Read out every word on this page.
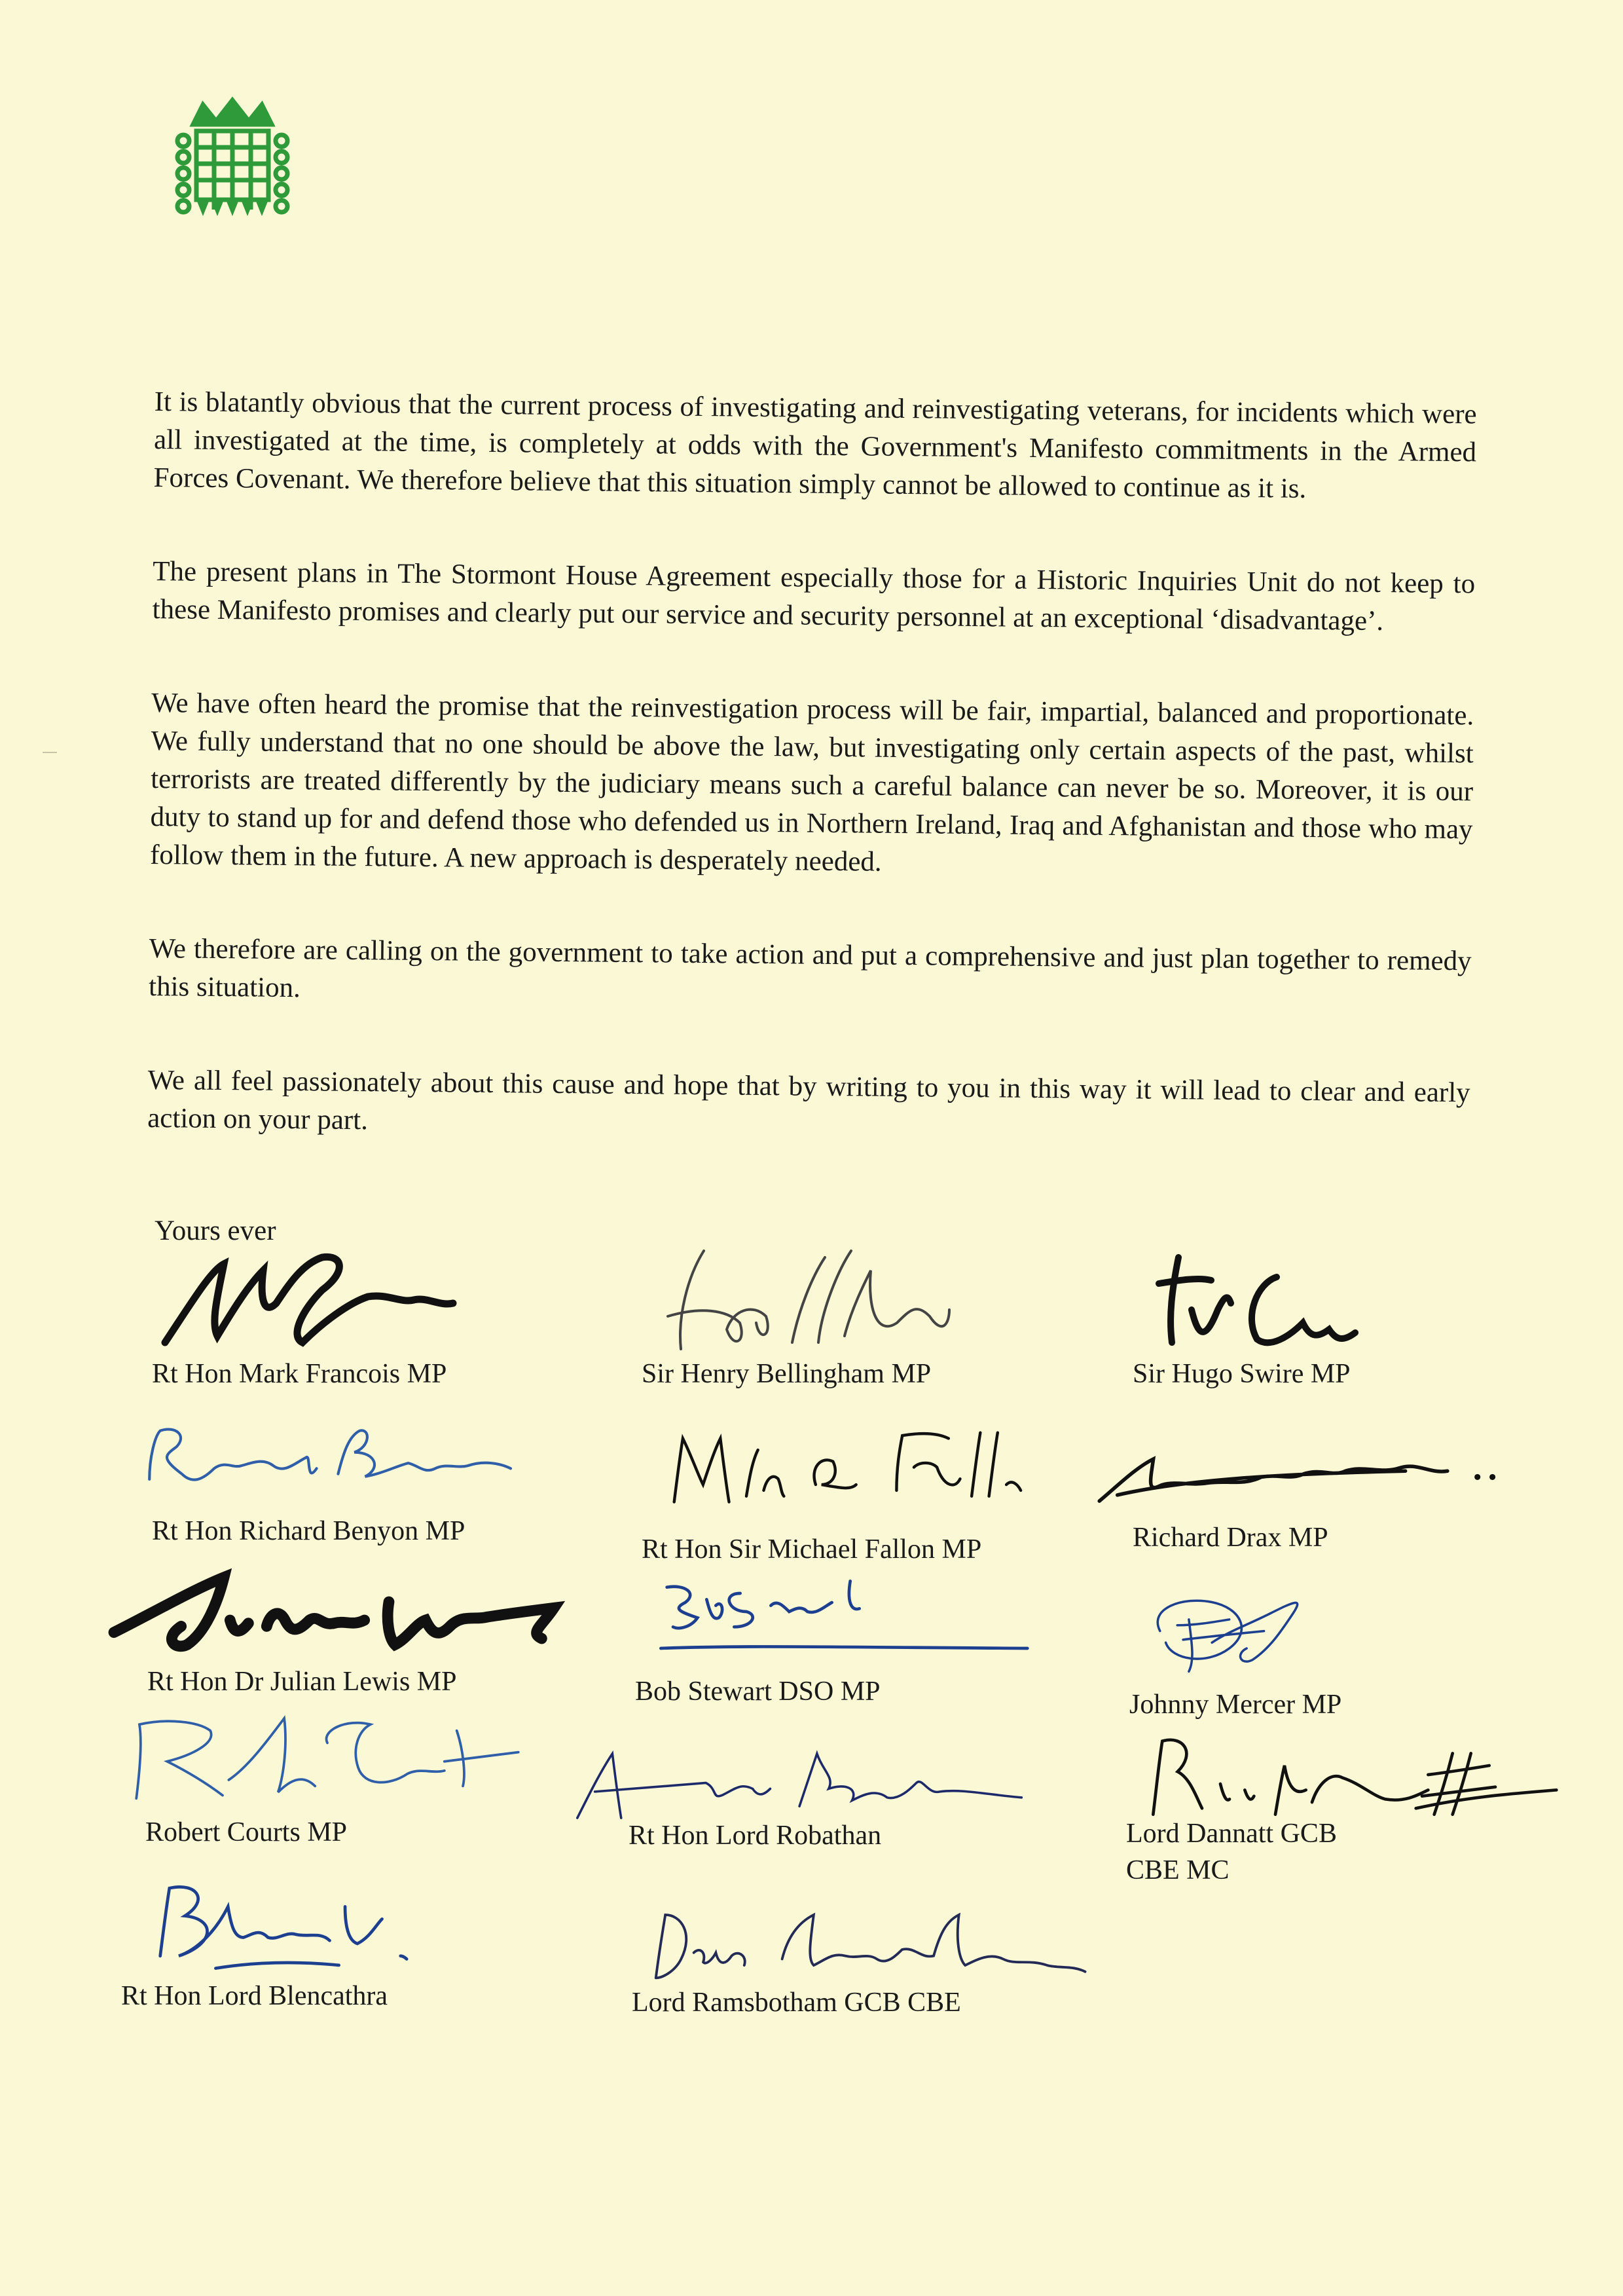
It is blatantly obvious that the current process of investigating and reinvestigating veterans, for incidents which were all investigated at the time, is completely at odds with the Government's Manifesto commitments in the Armed Forces Covenant. We therefore believe that this situation simply cannot be allowed to continue as it is.

The present plans in The Stormont House Agreement especially those for a Historic Inquiries Unit do not keep to these Manifesto promises and clearly put our service and security personnel at an exceptional ‘disadvantage’.

We have often heard the promise that the reinvestigation process will be fair, impartial, balanced and proportionate. We fully understand that no one should be above the law, but investigating only certain aspects of the past, whilst terrorists are treated differently by the judiciary means such a careful balance can never be so. Moreover, it is our duty to stand up for and defend those who defended us in Northern Ireland, Iraq and Afghanistan and those who may follow them in the future. A new approach is desperately needed.

We therefore are calling on the government to take action and put a comprehensive and just plan together to remedy this situation.

We all feel passionately about this cause and hope that by writing to you in this way it will lead to clear and early action on your part.

Yours ever

Rt Hon Mark Francois MP	Sir Henry Bellingham MP	Sir Hugo Swire MP

Rt Hon Richard Benyon MP

Rt Hon Sir Michael Fallon MP	Richard Drax MP

Rt Hon Dr Julian Lewis MP	Bob Stewart DSO MP	Johnny Mercer MP

Robert Courts MP	Rt Hon Lord Robathan	Lord Dannatt GCB
CBE MC

Rt Hon Lord Blencathra	Lord Ramsbotham GCB CBE
